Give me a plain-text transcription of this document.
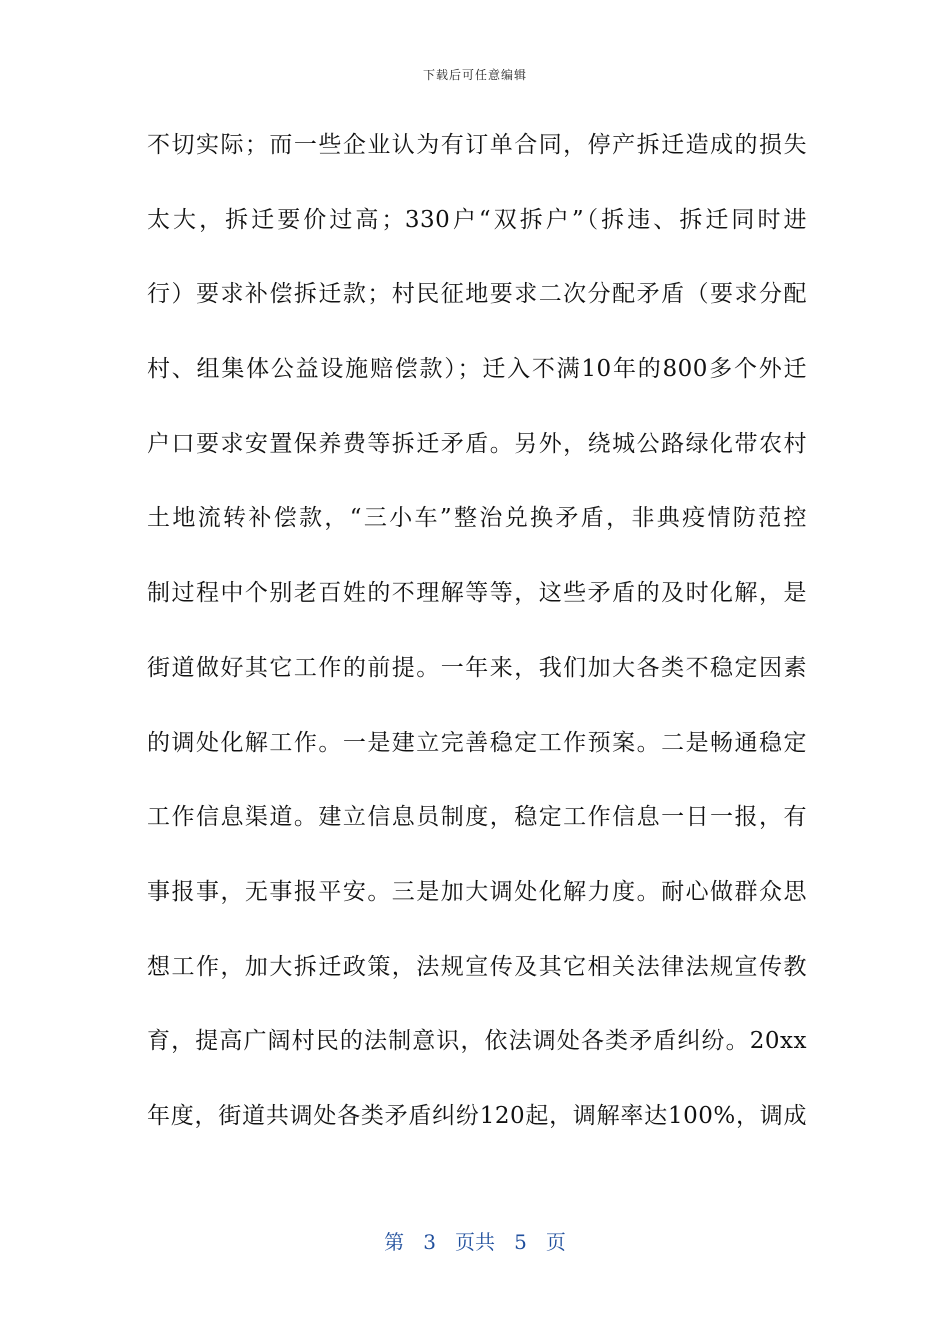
下载后可任意编辑
不切实际；而一些企业认为有订单合同，停产拆迁造成的损失
太大，拆迁要价过高；330户“双拆户”（拆违、拆迁同时进
行）要求补偿拆迁款；村民征地要求二次分配矛盾（要求分配
村、组集体公益设施赔偿款）；迁入不满10年的800多个外迁
户口要求安置保养费等拆迁矛盾。另外，绕城公路绿化带农村
土地流转补偿款，“三小车”整治兑换矛盾，非典疫情防范控
制过程中个别老百姓的不理解等等，这些矛盾的及时化解，是
街道做好其它工作的前提。一年来，我们加大各类不稳定因素
的调处化解工作。一是建立完善稳定工作预案。二是畅通稳定
工作信息渠道。建立信息员制度，稳定工作信息一日一报，有
事报事，无事报平安。三是加大调处化解力度。耐心做群众思
想工作，加大拆迁政策，法规宣传及其它相关法律法规宣传教
育，提高广阔村民的法制意识，依法调处各类矛盾纠纷。20xx
年度，街道共调处各类矛盾纠纷120起，调解率达100%，调成
第 3 页共 5 页
